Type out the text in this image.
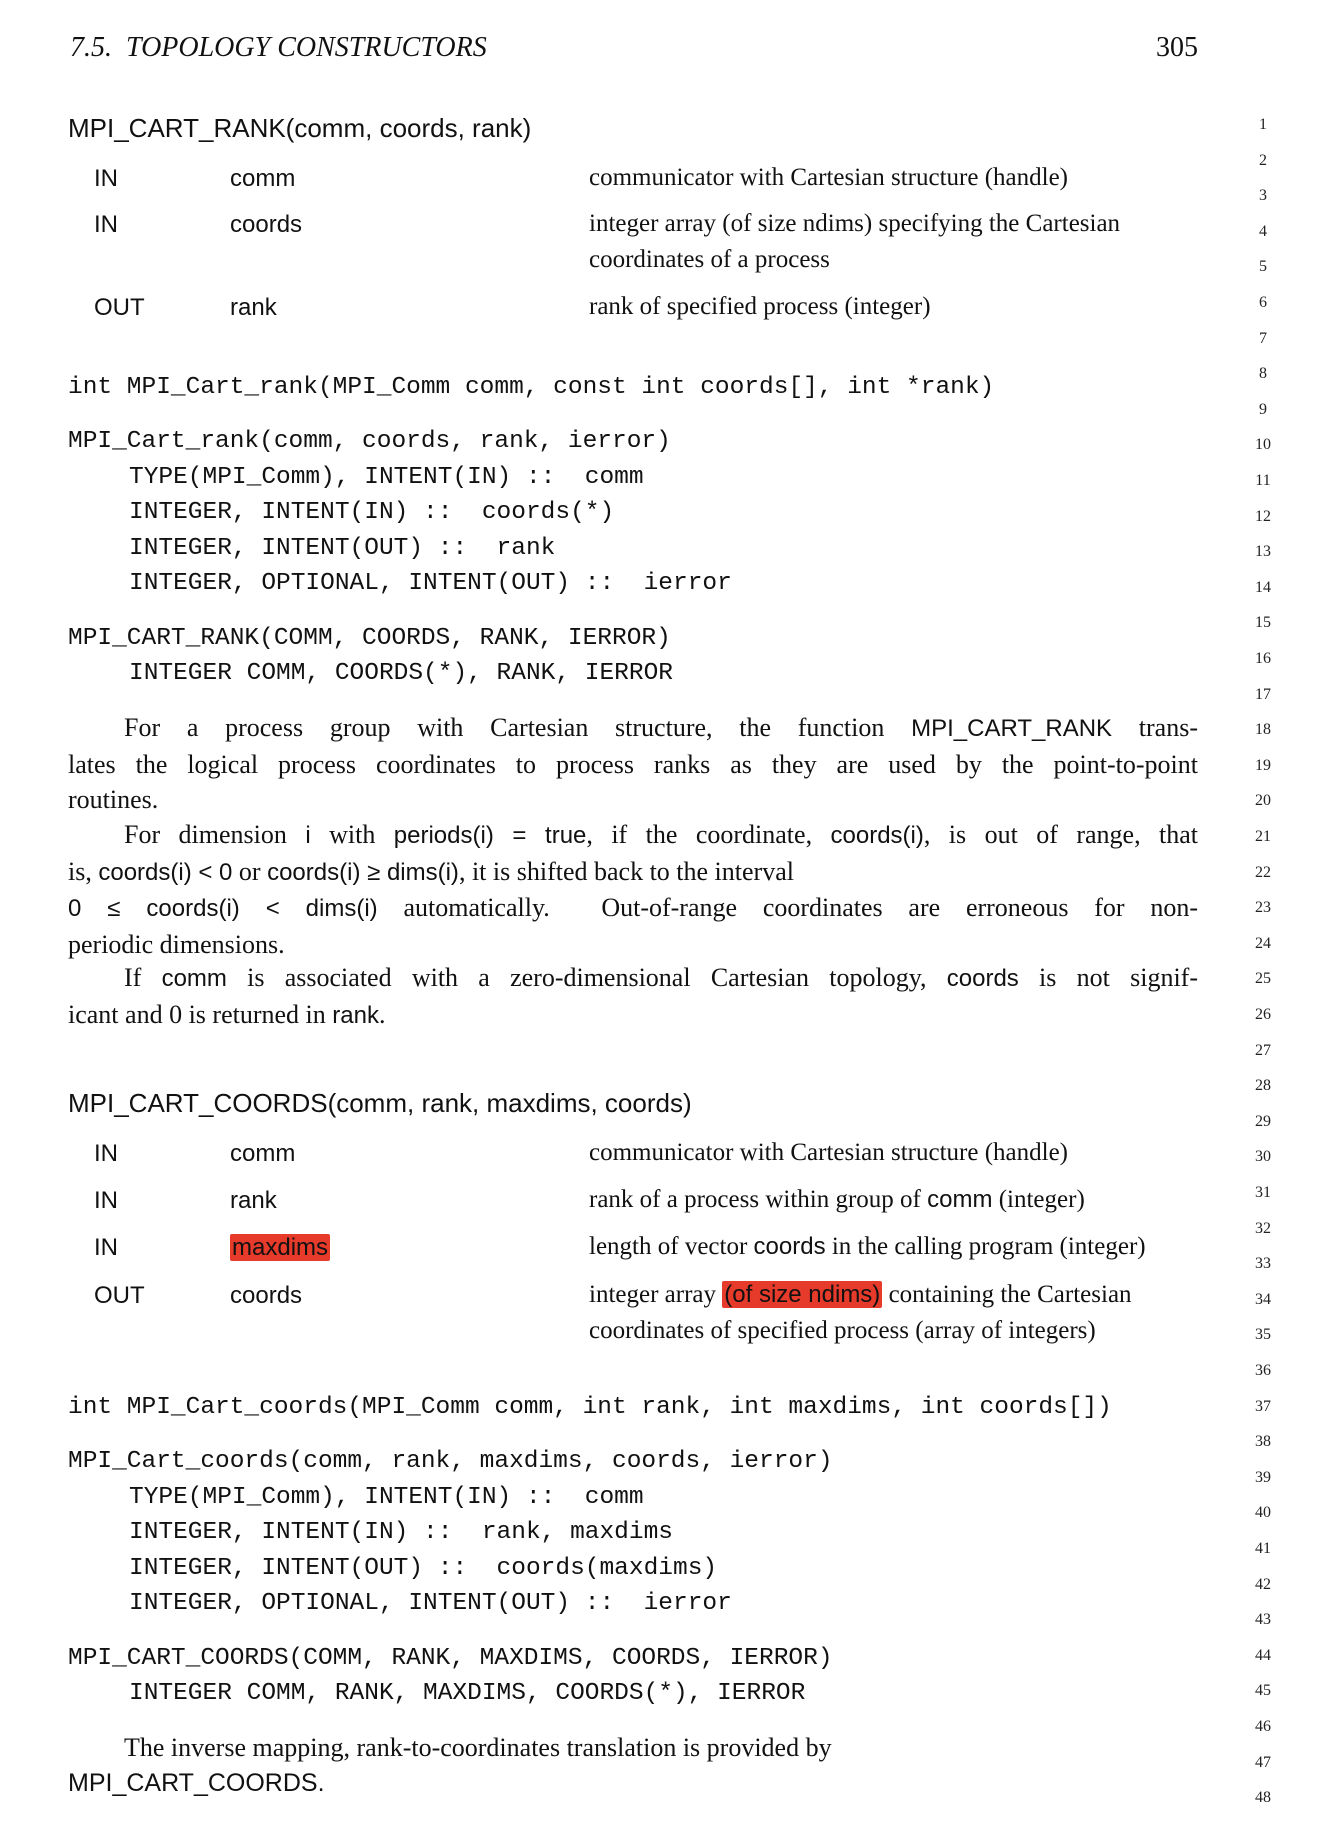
7.5.  TOPOLOGY CONSTRUCTORS	305
MPI_CART_RANK(comm, coords, rank)
IN	comm	communicator with Cartesian structure (handle)
IN	coords	integer array (of size ndims) specifying the Cartesian
coordinates of a process
OUT	rank	rank of specified process (integer)
int MPI_Cart_rank(MPI_Comm comm, const int coords[], int *rank)
MPI_Cart_rank(comm, coords, rank, ierror)
TYPE(MPI_Comm), INTENT(IN) ::  comm
INTEGER, INTENT(IN) ::  coords(*)
INTEGER, INTENT(OUT) ::  rank
INTEGER, OPTIONAL, INTENT(OUT) ::  ierror
MPI_CART_RANK(COMM, COORDS, RANK, IERROR)
INTEGER COMM, COORDS(*), RANK, IERROR
For a process group with Cartesian structure, the function MPI_CART_RANK trans-
lates the logical process coordinates to process ranks as they are used by the point-to-point
routines.
For dimension i with periods(i) = true, if the coordinate, coords(i), is out of range, that
is, coords(i) < 0 or coords(i) ≥ dims(i), it is shifted back to the interval
0 ≤ coords(i) < dims(i) automatically.  Out-of-range coordinates are erroneous for non-
periodic dimensions.
If comm is associated with a zero-dimensional Cartesian topology, coords is not signif-
icant and 0 is returned in rank.
MPI_CART_COORDS(comm, rank, maxdims, coords)
IN	comm	communicator with Cartesian structure (handle)
IN	rank	rank of a process within group of comm (integer)
IN	maxdims	length of vector coords in the calling program (integer)
OUT	coords	integer array (of size ndims) containing the Cartesian
coordinates of specified process (array of integers)
int MPI_Cart_coords(MPI_Comm comm, int rank, int maxdims, int coords[])
MPI_Cart_coords(comm, rank, maxdims, coords, ierror)
TYPE(MPI_Comm), INTENT(IN) ::  comm
INTEGER, INTENT(IN) ::  rank, maxdims
INTEGER, INTENT(OUT) ::  coords(maxdims)
INTEGER, OPTIONAL, INTENT(OUT) ::  ierror
MPI_CART_COORDS(COMM, RANK, MAXDIMS, COORDS, IERROR)
INTEGER COMM, RANK, MAXDIMS, COORDS(*), IERROR
The inverse mapping, rank-to-coordinates translation is provided by
MPI_CART_COORDS.
1
2
3
4
5
6
7
8
9
10
11
12
13
14
15
16
17
18
19
20
21
22
23
24
25
26
27
28
29
30
31
32
33
34
35
36
37
38
39
40
41
42
43
44
45
46
47
48
